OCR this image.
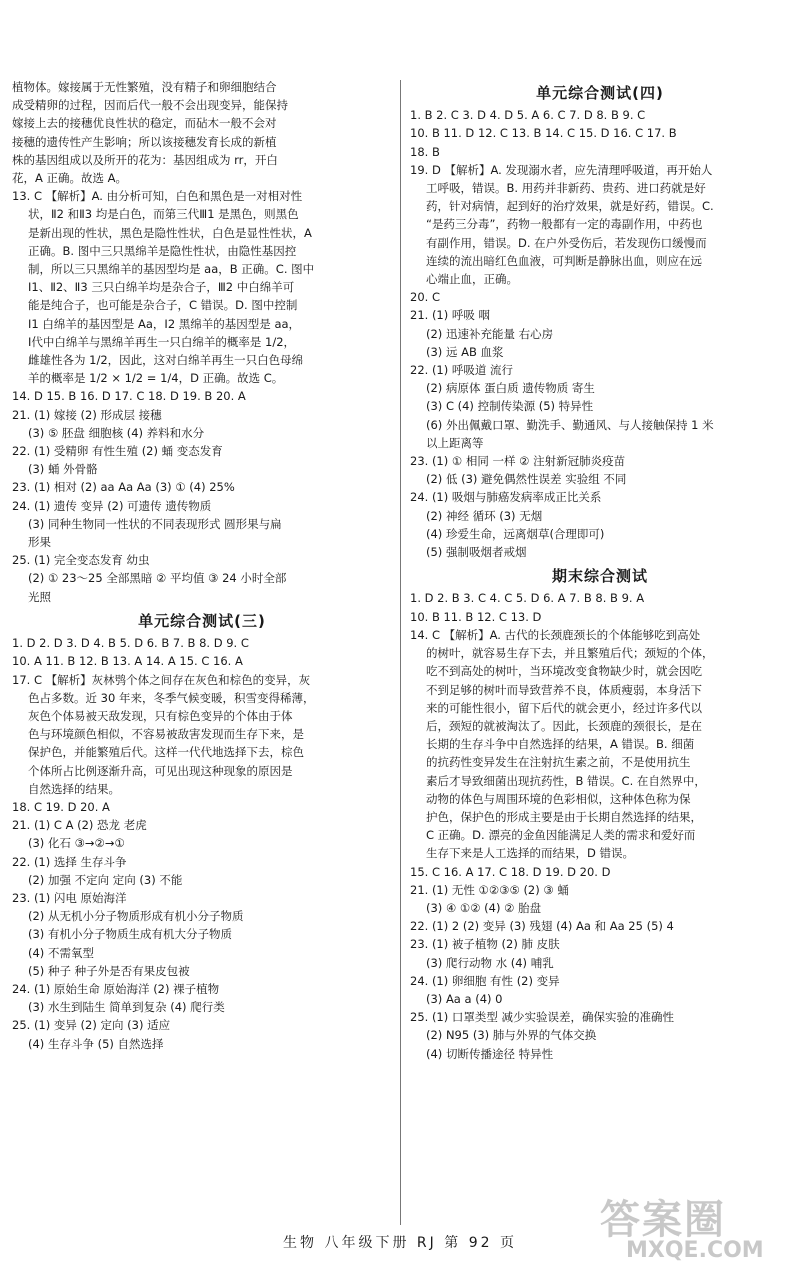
植物体。嫁接属于无性繁殖，没有精子和卵细胞结合
成受精卵的过程，因而后代一般不会出现变异，能保持
嫁接上去的接穗优良性状的稳定，而砧木一般不会对
接穗的遗传性产生影响；所以该接穗发育长成的新植
株的基因组成以及所开的花为：基因组成为 rr，开白
花，A 正确。故选 A。
13. C 【解析】A. 由分析可知，白色和黑色是一对相对性
状，Ⅱ2 和Ⅱ3 均是白色，而第三代Ⅲ1 是黑色，则黑色
是新出现的性状，黑色是隐性性状，白色是显性性状，A
正确。B. 图中三只黑绵羊是隐性性状，由隐性基因控
制，所以三只黑绵羊的基因型均是 aa，B 正确。C. 图中
Ⅰ1、Ⅱ2、Ⅱ3 三只白绵羊均是杂合子，Ⅲ2 中白绵羊可
能是纯合子，也可能是杂合子，C 错误。D. 图中控制
Ⅰ1 白绵羊的基因型是 Aa，Ⅰ2 黑绵羊的基因型是 aa，
Ⅰ代中白绵羊与黑绵羊再生一只白绵羊的概率是 1/2，
雌雄性各为 1/2，因此，这对白绵羊再生一只白色母绵
羊的概率是 1/2 × 1/2 = 1/4，D 正确。故选 C。
14. D 15. B 16. D 17. C 18. D 19. B 20. A
21. (1) 嫁接 (2) 形成层 接穗
(3) ⑤ 胚盘 细胞核 (4) 养料和水分
22. (1) 受精卵 有性生殖 (2) 蛹 变态发育
(3) 蛹 外骨骼
23. (1) 相对 (2) aa Aa Aa (3) ① (4) 25%
24. (1) 遗传 变异 (2) 可遗传 遗传物质
(3) 同种生物同一性状的不同表现形式 圆形果与扁
形果
25. (1) 完全变态发育 幼虫
(2) ① 23～25 全部黑暗 ② 平均值 ③ 24 小时全部
光照
单元综合测试(三)
1. D 2. D 3. D 4. B 5. D 6. B 7. B 8. D 9. C
10. A 11. B 12. B 13. A 14. A 15. C 16. A
17. C 【解析】灰林鸮个体之间存在灰色和棕色的变异，灰
色占多数。近 30 年来，冬季气候变暖，积雪变得稀薄，
灰色个体易被天敌发现，只有棕色变异的个体由于体
色与环境颜色相似，不容易被敌害发现而生存下来，是
保护色，并能繁殖后代。这样一代代地选择下去，棕色
个体所占比例逐渐升高，可见出现这种现象的原因是
自然选择的结果。
18. C 19. D 20. A
21. (1) C A (2) 恐龙 老虎
(3) 化石 ③→②→①
22. (1) 选择 生存斗争
(2) 加强 不定向 定向 (3) 不能
23. (1) 闪电 原始海洋
(2) 从无机小分子物质形成有机小分子物质
(3) 有机小分子物质生成有机大分子物质
(4) 不需氧型
(5) 种子 种子外是否有果皮包被
24. (1) 原始生命 原始海洋 (2) 裸子植物
(3) 水生到陆生 简单到复杂 (4) 爬行类
25. (1) 变异 (2) 定向 (3) 适应
(4) 生存斗争 (5) 自然选择
单元综合测试(四)
1. B 2. C 3. D 4. D 5. A 6. C 7. D 8. B 9. C
10. B 11. D 12. C 13. B 14. C 15. D 16. C 17. B
18. B
19. D 【解析】A. 发现溺水者，应先清理呼吸道，再开始人
工呼吸，错误。B. 用药并非新药、贵药、进口药就是好
药，针对病情，起到好的治疗效果，就是好药，错误。C.
“是药三分毒”，药物一般都有一定的毒副作用，中药也
有副作用，错误。D. 在户外受伤后，若发现伤口缓慢而
连续的流出暗红色血液，可判断是静脉出血，则应在远
心端止血，正确。
20. C
21. (1) 呼吸 咽
(2) 迅速补充能量 右心房
(3) 远 AB 血浆
22. (1) 呼吸道 流行
(2) 病原体 蛋白质 遗传物质 寄生
(3) C (4) 控制传染源 (5) 特异性
(6) 外出佩戴口罩、勤洗手、勤通风、与人接触保持 1 米
以上距离等
23. (1) ① 相同 一样 ② 注射新冠肺炎疫苗
(2) 低 (3) 避免偶然性误差 实验组 不同
24. (1) 吸烟与肺癌发病率成正比关系
(2) 神经 循环 (3) 无烟
(4) 珍爱生命，远离烟草(合理即可)
(5) 强制吸烟者戒烟
期末综合测试
1. D 2. B 3. C 4. C 5. D 6. A 7. B 8. B 9. A
10. B 11. B 12. C 13. D
14. C 【解析】A. 古代的长颈鹿颈长的个体能够吃到高处
的树叶，就容易生存下去，并且繁殖后代；颈短的个体，
吃不到高处的树叶，当环境改变食物缺少时，就会因吃
不到足够的树叶而导致营养不良，体质瘦弱，本身活下
来的可能性很小，留下后代的就会更小，经过许多代以
后，颈短的就被淘汰了。因此，长颈鹿的颈很长，是在
长期的生存斗争中自然选择的结果，A 错误。B. 细菌
的抗药性变异发生在注射抗生素之前，不是使用抗生
素后才导致细菌出现抗药性，B 错误。C. 在自然界中，
动物的体色与周围环境的色彩相似，这种体色称为保
护色，保护色的形成主要是由于长期自然选择的结果，
C 正确。D. 漂亮的金鱼因能满足人类的需求和爱好而
生存下来是人工选择的而结果，D 错误。
15. C 16. A 17. C 18. D 19. D 20. D
21. (1) 无性 ①②③⑤ (2) ③ 蛹
(3) ④ ①② (4) ② 胎盘
22. (1) 2 (2) 变异 (3) 残翅 (4) Aa 和 Aa 25 (5) 4
23. (1) 被子植物 (2) 肺 皮肤
(3) 爬行动物 水 (4) 哺乳
24. (1) 卵细胞 有性 (2) 变异
(3) Aa a (4) 0
25. (1) 口罩类型 减少实验误差，确保实验的准确性
(2) N95 (3) 肺与外界的气体交换
(4) 切断传播途径 特异性
生物 八年级下册 RJ 第 92 页	答案圈
MXQE.COM
